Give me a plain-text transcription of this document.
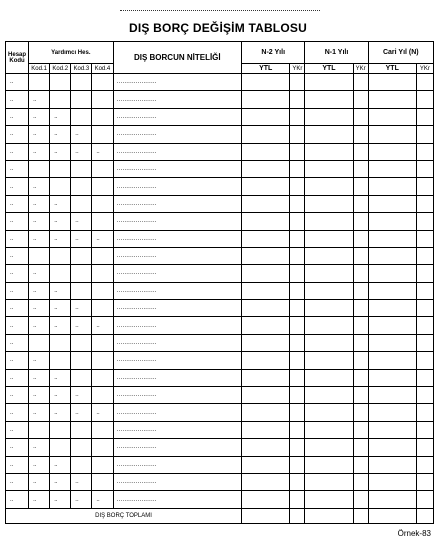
DIŞ BORÇ DEĞİŞİM TABLOSU
Hesap Kodu	Yardımcı Hes.				DIŞ BORCUN NİTELİĞİ	N-2 Yılı		N-1 Yılı		Cari Yıl (N)	
	Kod.1	Kod.2	Kod.3	Kod.4		YTL	YKr	YTL	YKr	YTL	YKr
..					…………………						
..	..				…………………						
..	..	..			…………………						
..	..	..	..		…………………						
..	..	..	..	..	…………………						
..					…………………						
..	..				…………………						
..	..	..			…………………						
..	..	..	..		…………………						
..	..	..	..	..	…………………						
..					…………………						
..	..				…………………						
..	..	..			…………………						
..	..	..	..		…………………						
..	..	..	..	..	…………………						
..					…………………						
..	..				…………………						
..	..	..			…………………						
..	..	..	..		…………………						
..	..	..	..	..	…………………						
..					…………………						
..	..				…………………						
..	..	..			…………………						
..	..	..	..		…………………						
..	..	..	..	..	…………………						
DIŞ BORÇ TOPLAMI											
Örnek-83
